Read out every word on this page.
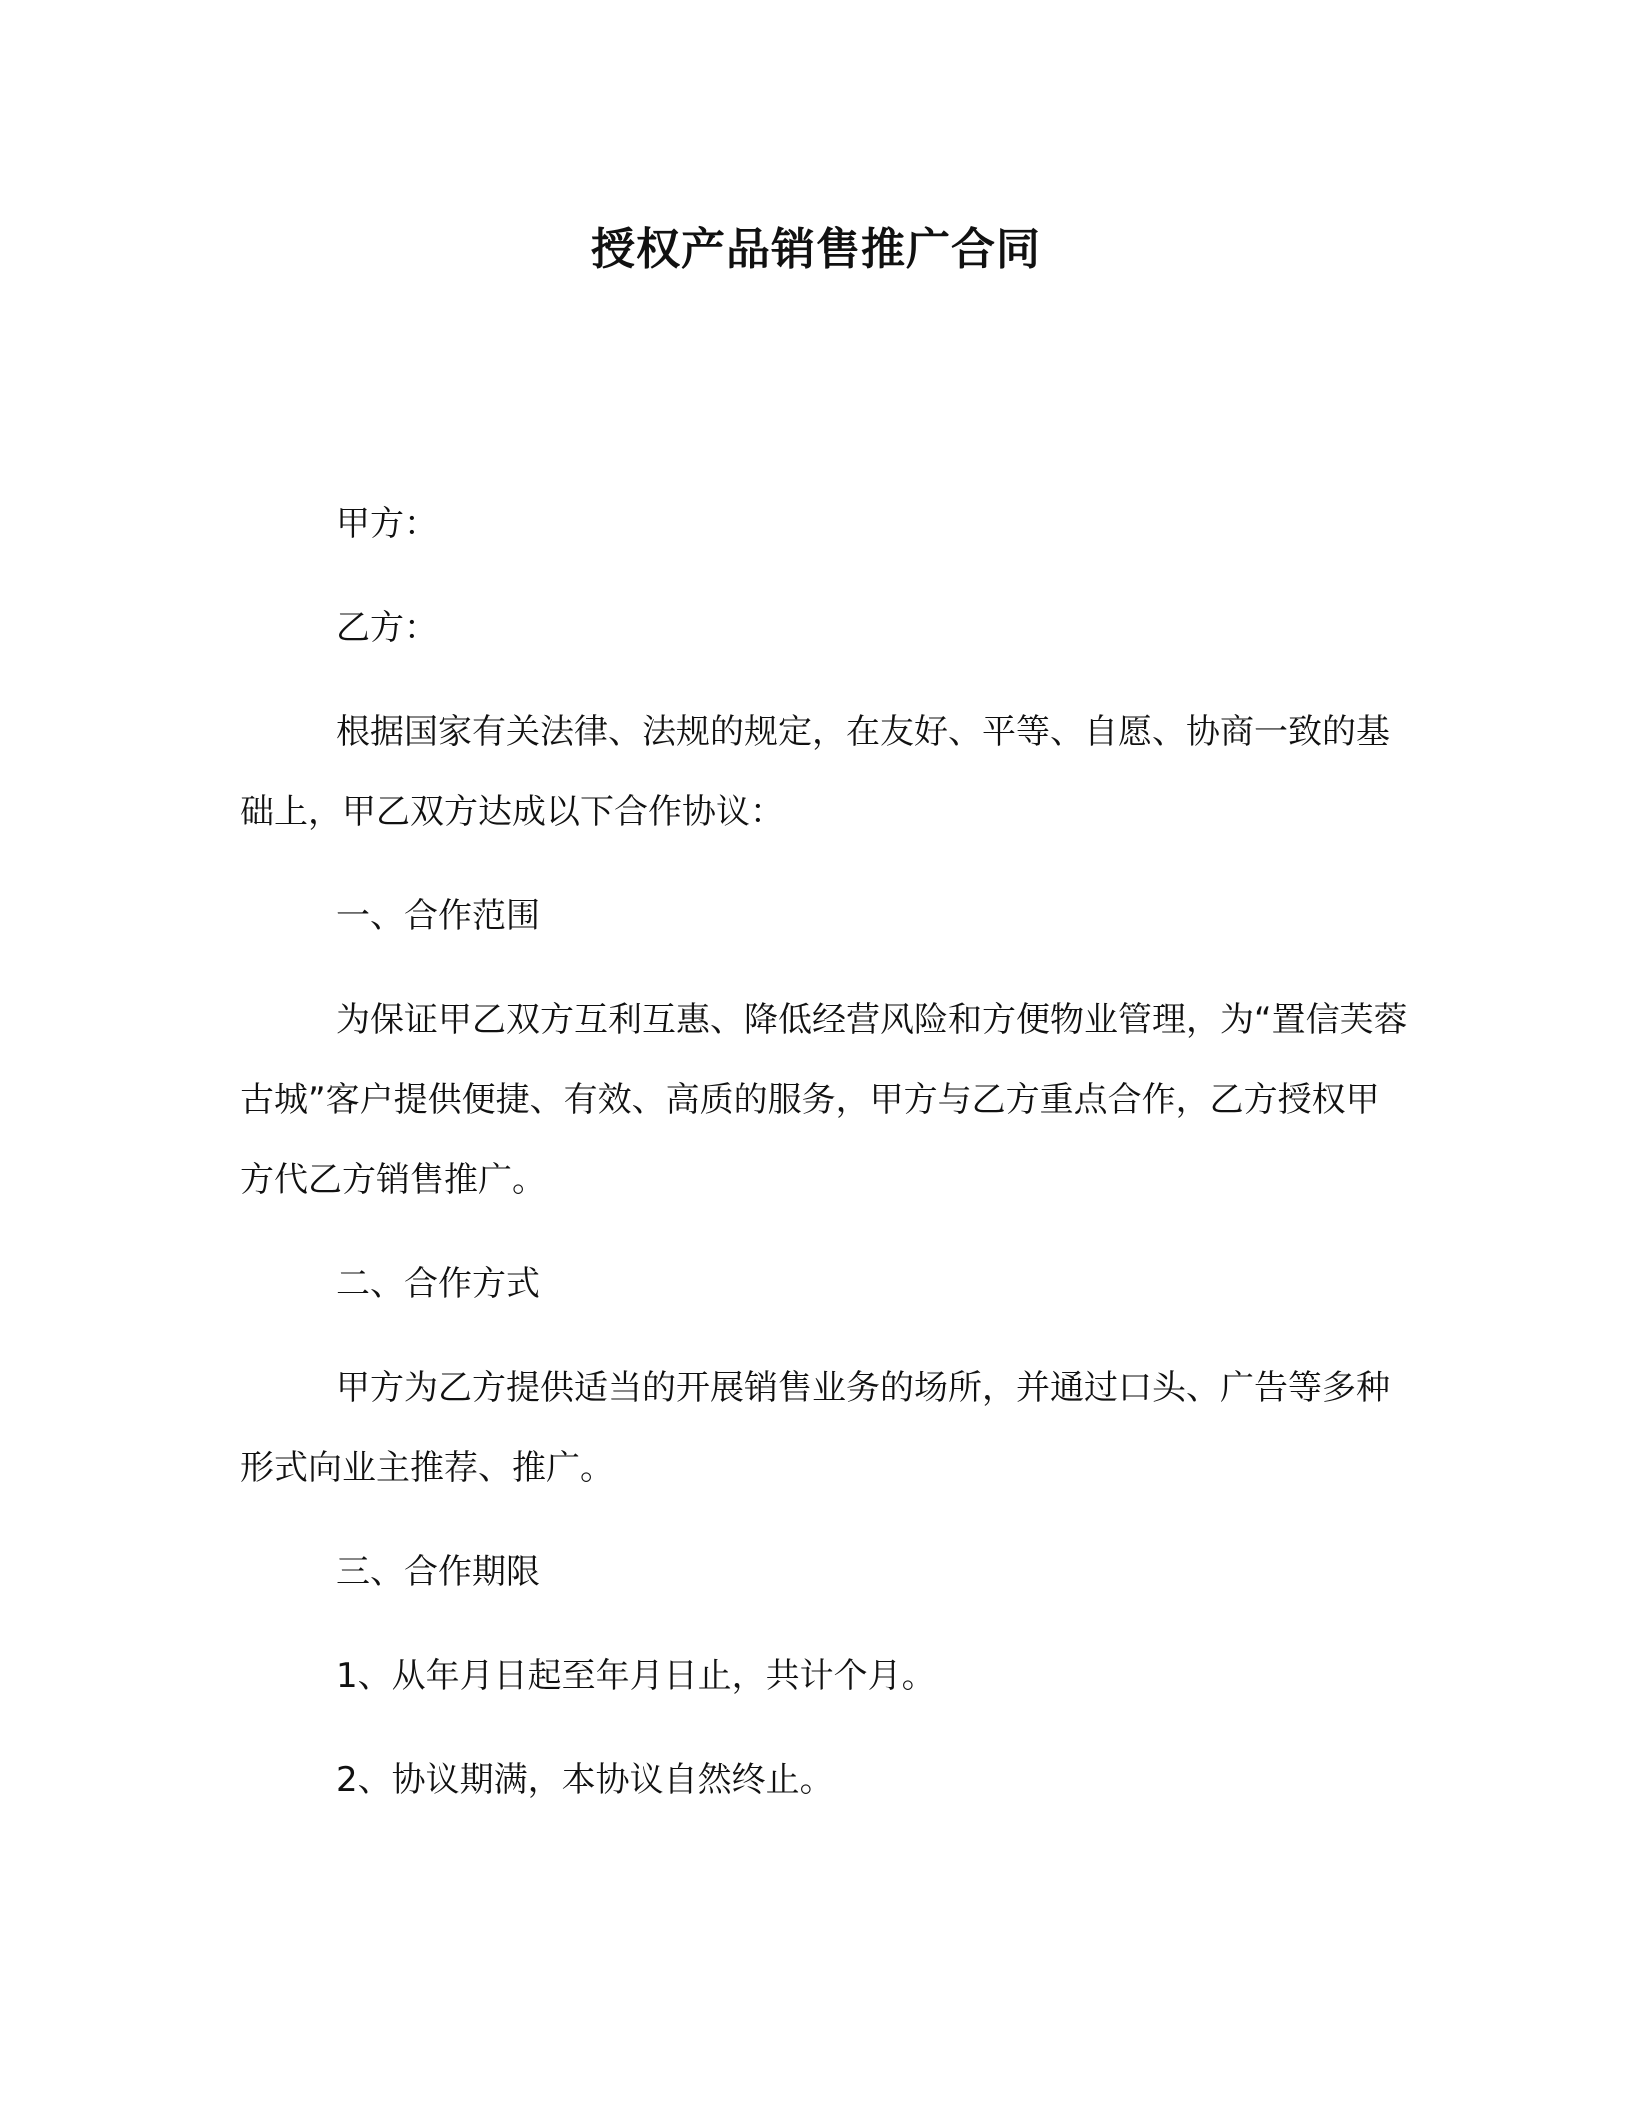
授权产品销售推广合同

甲方：

乙方：

根据国家有关法律、法规的规定，在友好、平等、自愿、协商一致的基础上，甲乙双方达成以下合作协议：

一、合作范围

为保证甲乙双方互利互惠、降低经营风险和方便物业管理，为“置信芙蓉古城”客户提供便捷、有效、高质的服务，甲方与乙方重点合作，乙方授权甲方代乙方销售推广。

二、合作方式

甲方为乙方提供适当的开展销售业务的场所，并通过口头、广告等多种形式向业主推荐、推广。

三、合作期限

1、从年月日起至年月日止，共计个月。

2、协议期满，本协议自然终止。
